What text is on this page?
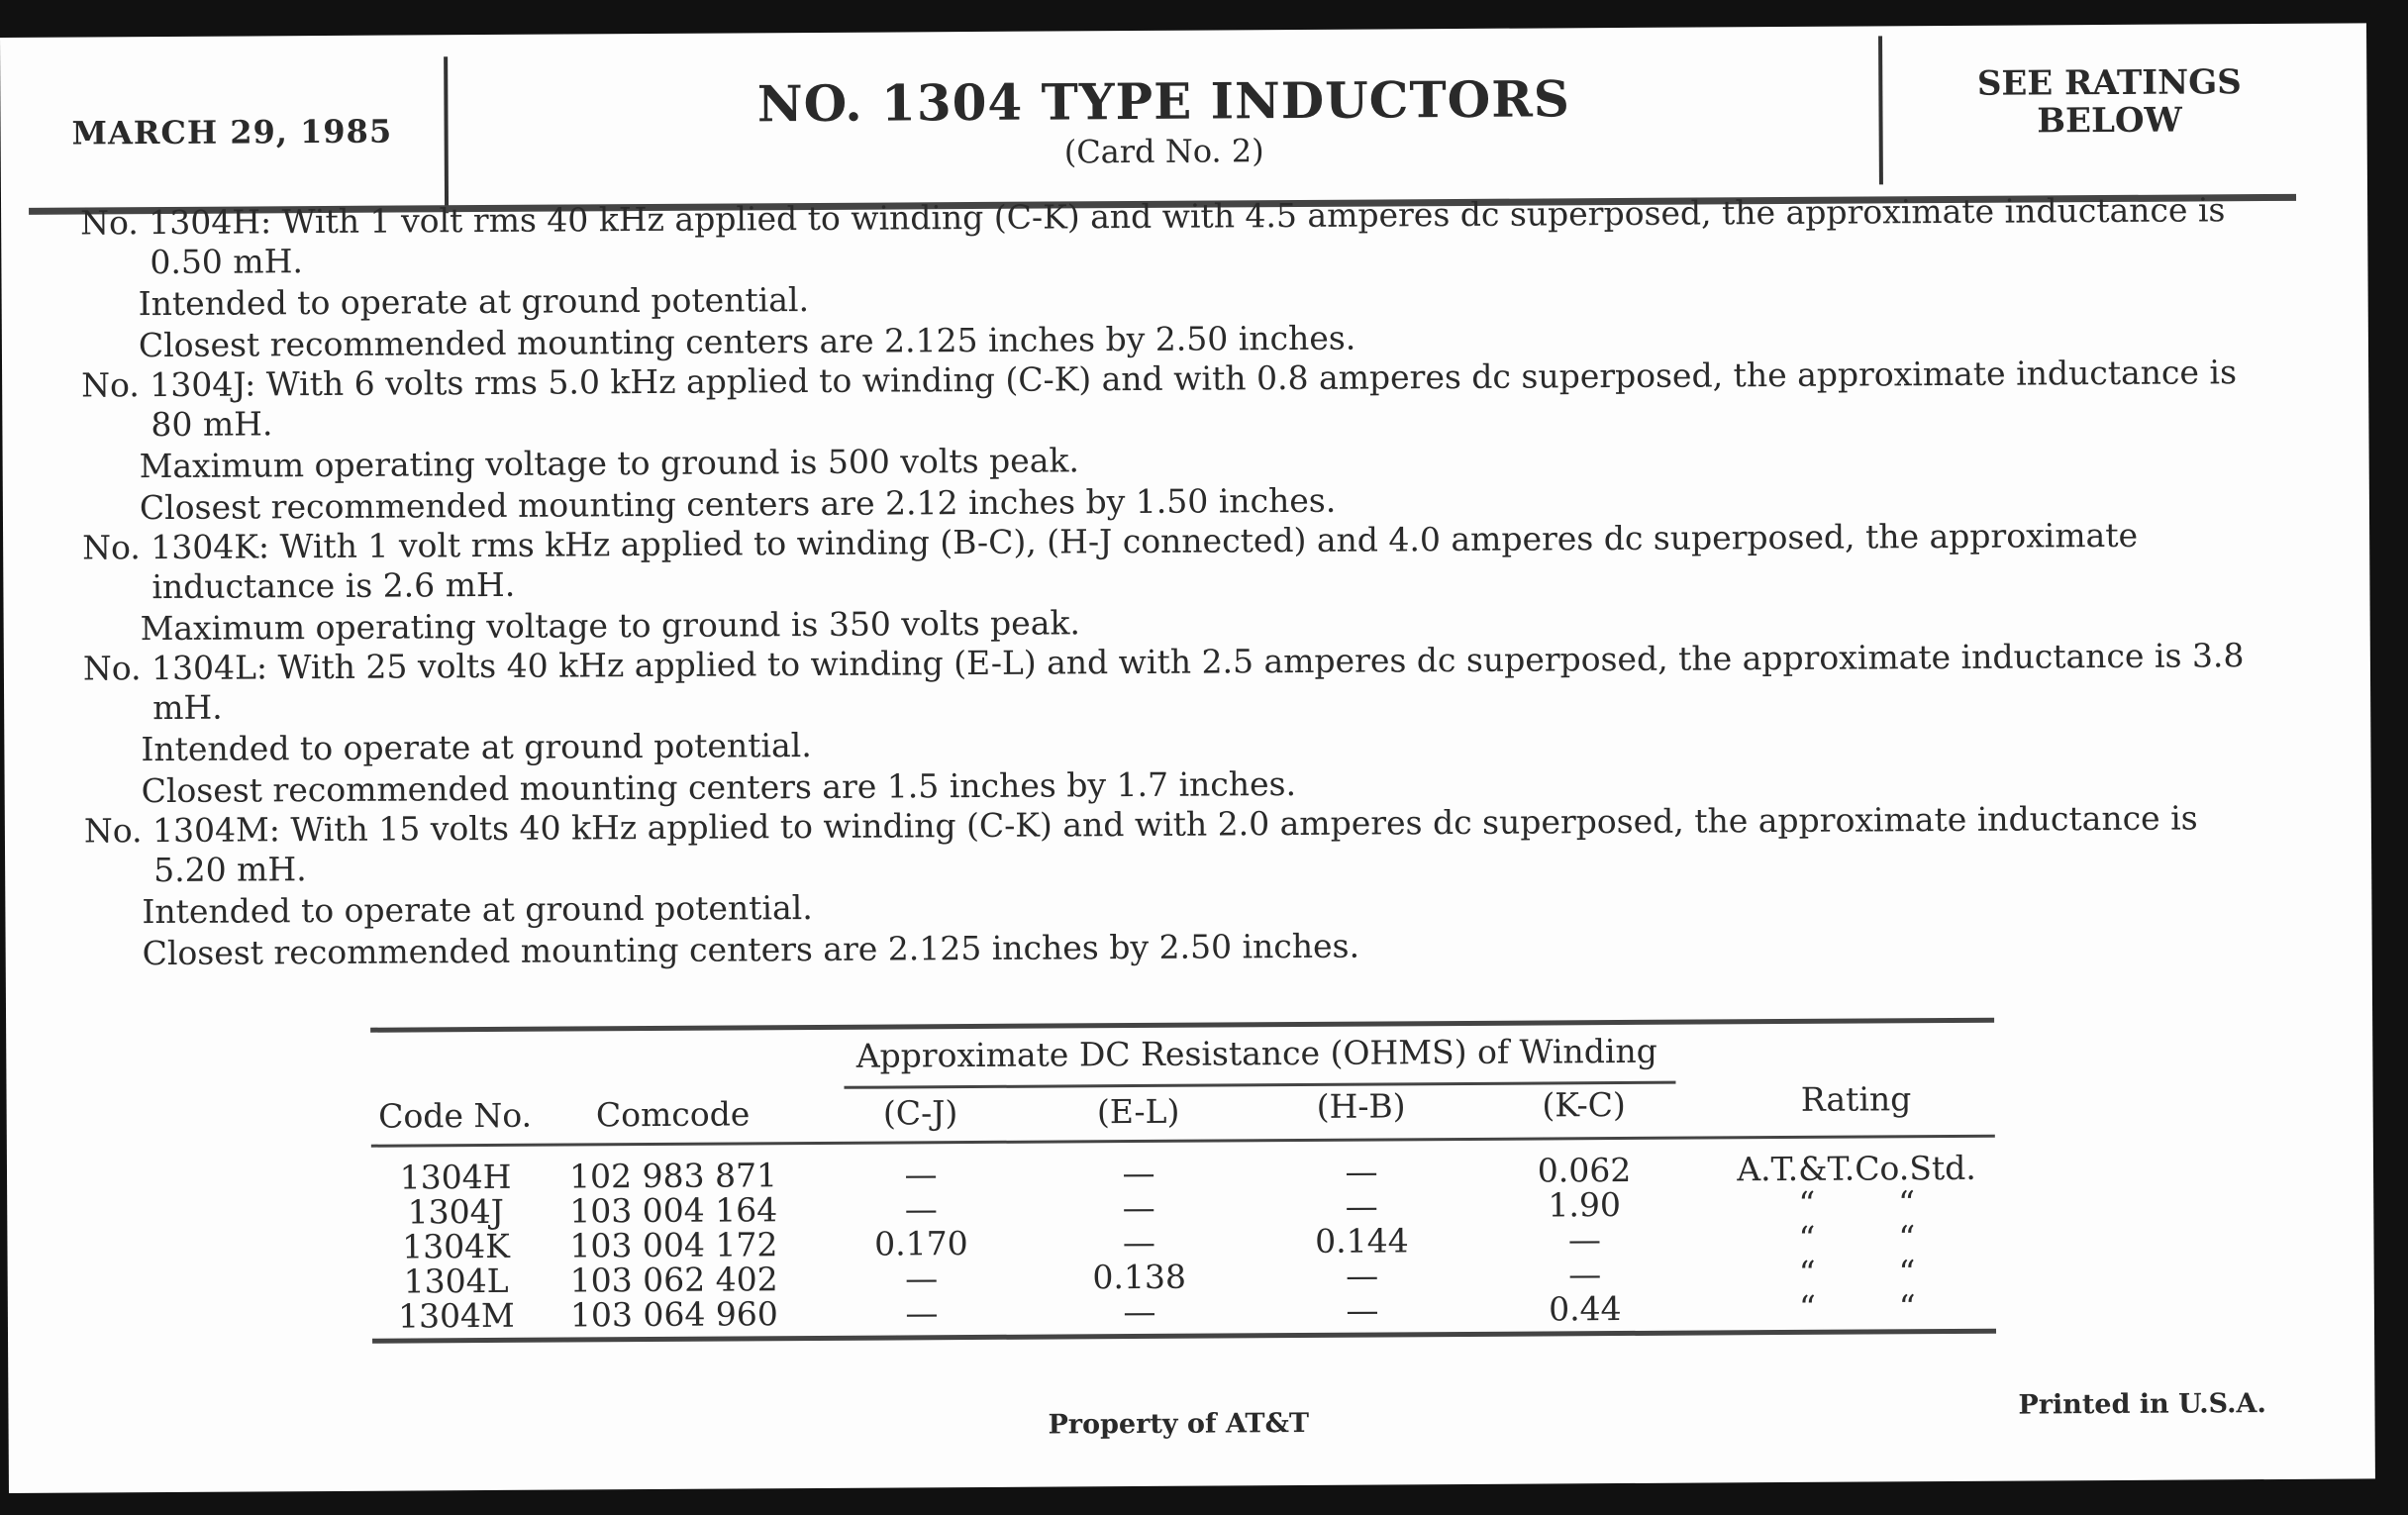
MARCH 29, 1985	NO. 1304 TYPE INDUCTORS
(Card No. 2)
SEE RATINGS
BELOW
No. 1304H: With 1 volt rms 40 kHz applied to winding (C-K) and with 4.5 amperes dc superposed, the approximate inductance is 0.50 mH.
Intended to operate at ground potential.
Closest recommended mounting centers are 2.125 inches by 2.50 inches.
No. 1304J: With 6 volts rms 5.0 kHz applied to winding (C-K) and with 0.8 amperes dc superposed, the approximate inductance is 80 mH.
Maximum operating voltage to ground is 500 volts peak.
Closest recommended mounting centers are 2.12 inches by 1.50 inches.
No. 1304K: With 1 volt rms kHz applied to winding (B-C), (H-J connected) and 4.0 amperes dc superposed, the approximate inductance is 2.6 mH.
Maximum operating voltage to ground is 350 volts peak.
No. 1304L: With 25 volts 40 kHz applied to winding (E-L) and with 2.5 amperes dc superposed, the approximate inductance is 3.8 mH.
Intended to operate at ground potential.
Closest recommended mounting centers are 1.5 inches by 1.7 inches.
No. 1304M: With 15 volts 40 kHz applied to winding (C-K) and with 2.0 amperes dc superposed, the approximate inductance is 5.20 mH.
Intended to operate at ground potential.
Closest recommended mounting centers are 2.125 inches by 2.50 inches.
Approximate DC Resistance (OHMS) of Winding
Code No.	Comcode	(C-J)	(E-L)	(H-B)	(K-C)	Rating
1304H	102 983 871	—	—	—	0.062	A.T.&T.Co.Std.
1304J	103 004 164	—	—	—	1.90	“        “
1304K	103 004 172	0.170	—	0.144	—	“        “
1304L	103 062 402	—	0.138	—	—	“        “
1304M	103 064 960	—	—	—	0.44	“        “
Property of AT&T
Printed in U.S.A.
